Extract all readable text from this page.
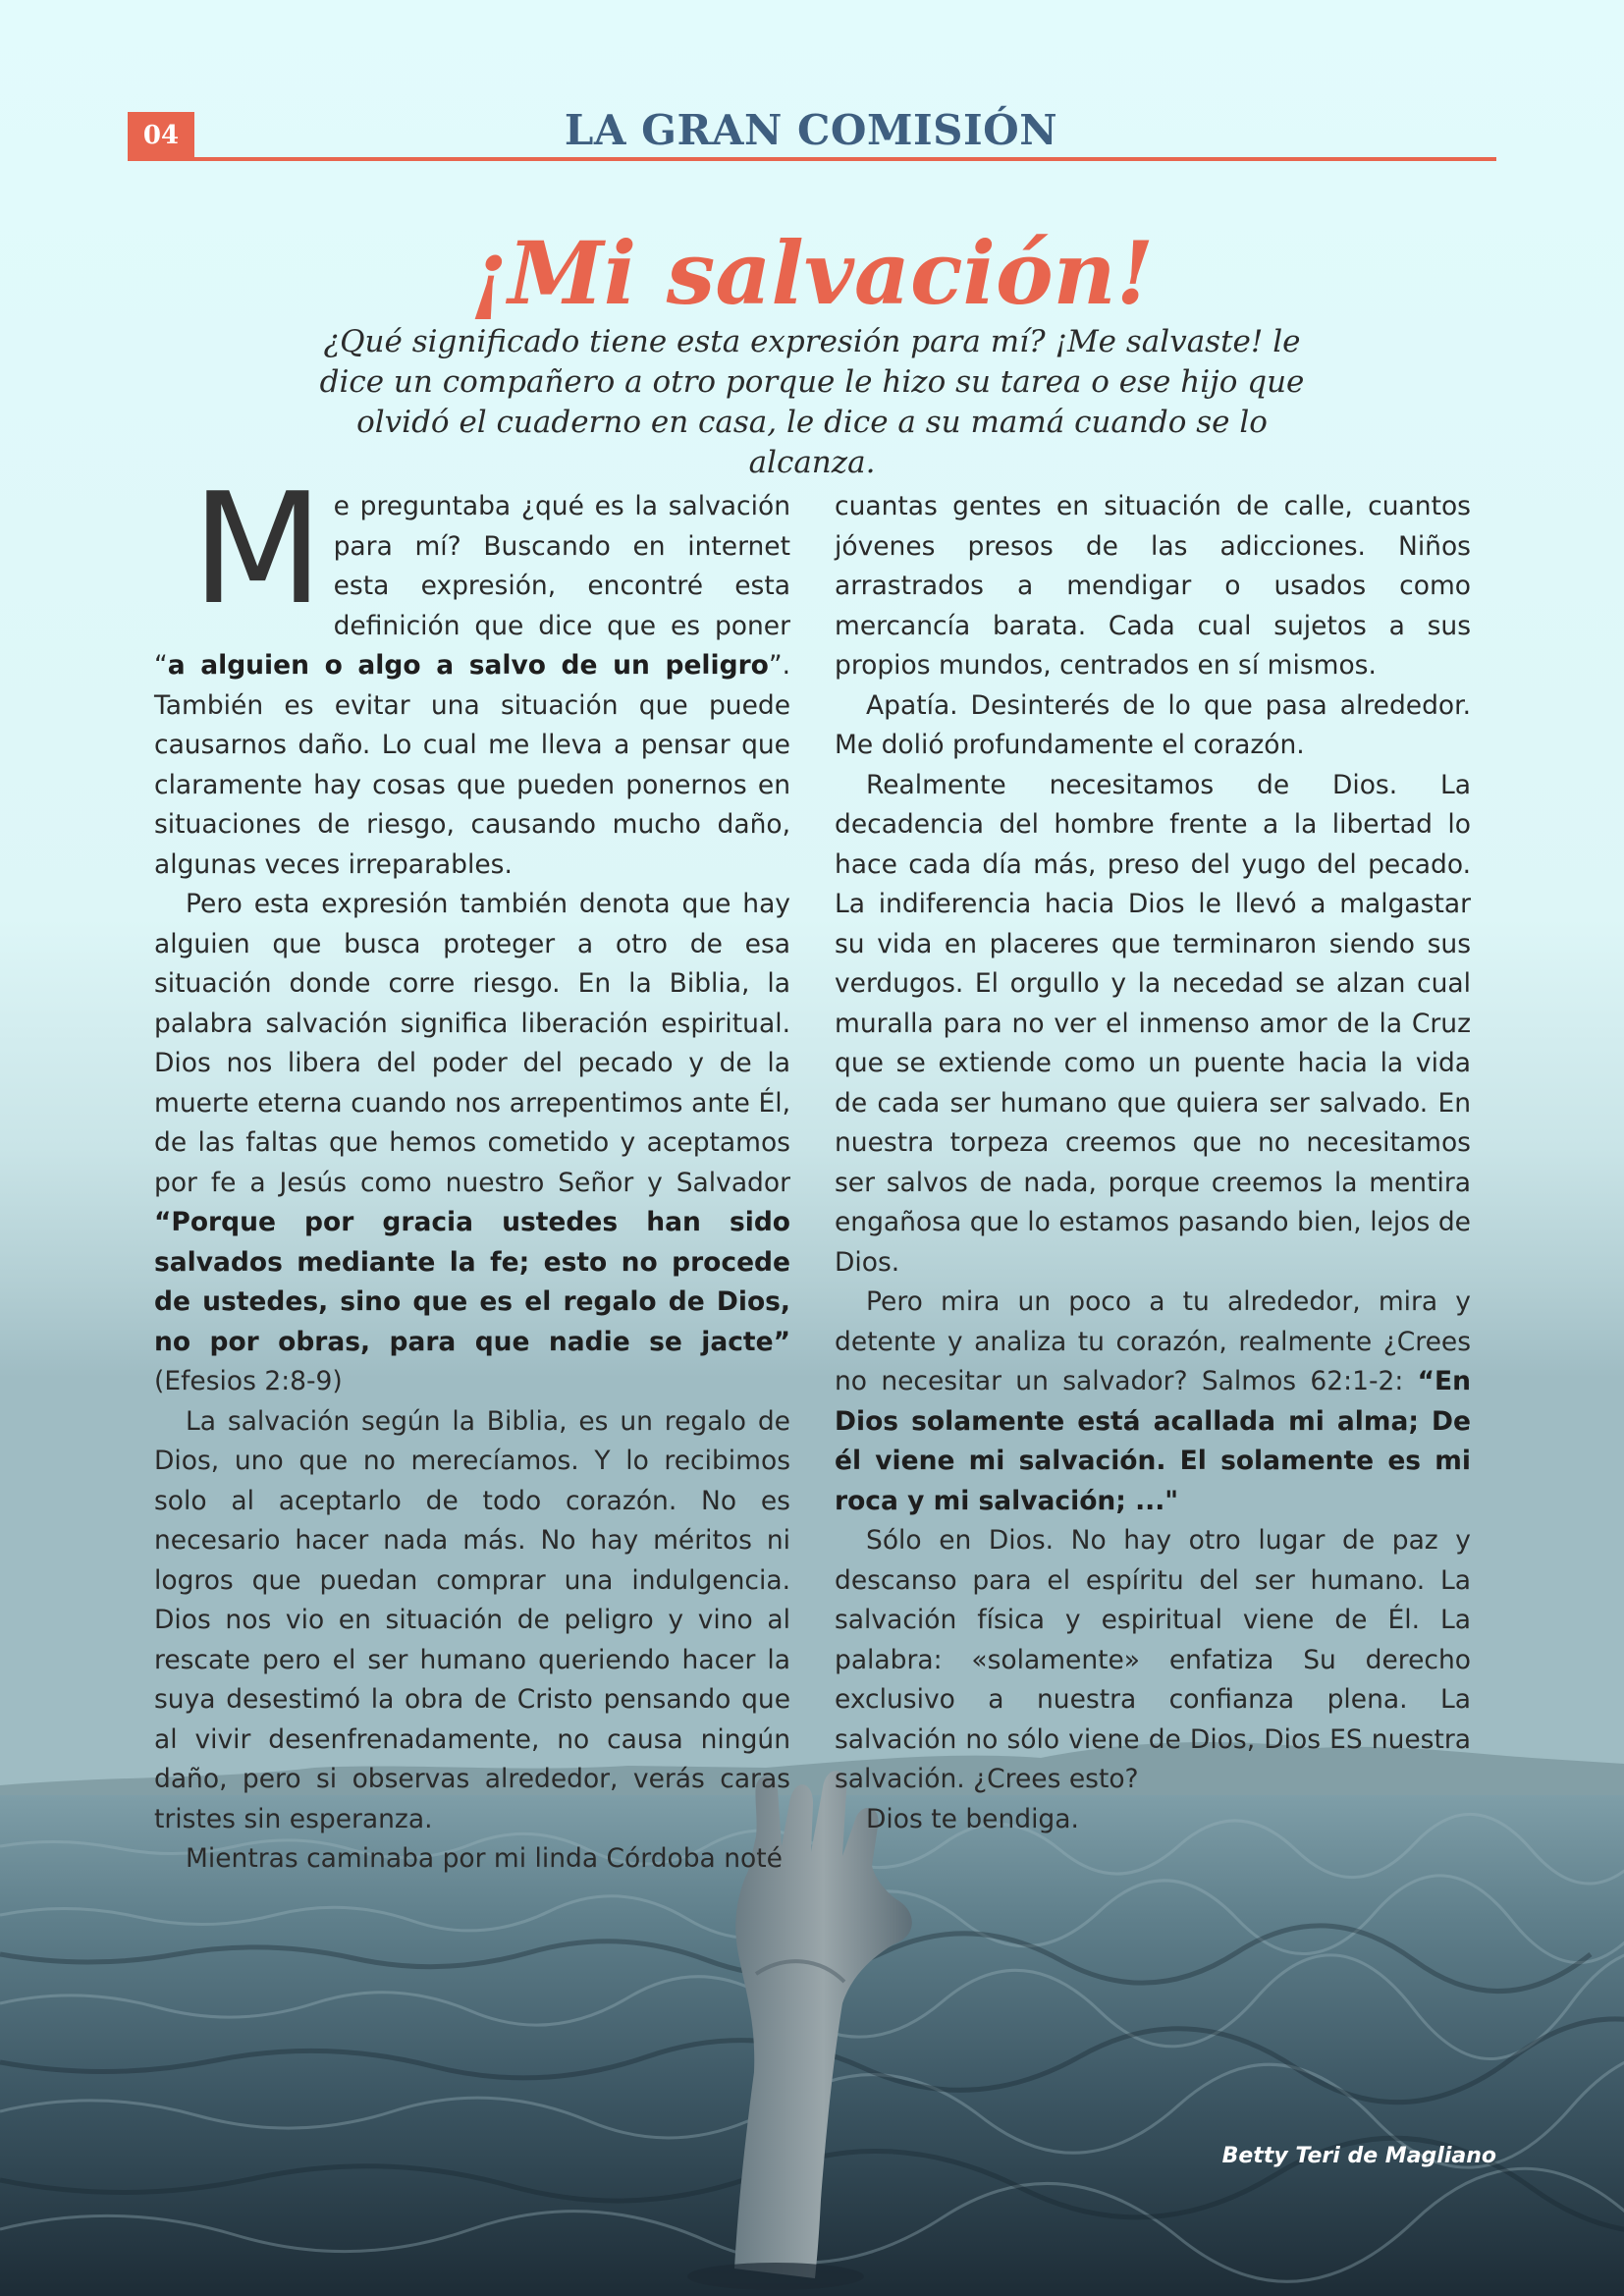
04	LA GRAN COMISIÓN
¡Mi salvación!

¿Qué significado tiene esta expresión para mí? ¡Me salvaste! le dice un compañero a otro porque le hizo su tarea o ese hijo que olvidó el cuaderno en casa, le dice a su mamá cuando se lo alcanza.

Me preguntaba ¿qué es la salvación para mí? Buscando en internet esta expresión, encontré esta definición que dice que es poner “a alguien o algo a salvo de un peligro”. También es evitar una situación que puede causarnos daño. Lo cual me lleva a pensar que claramente hay cosas que pueden ponernos en situaciones de riesgo, causando mucho daño, algunas veces irreparables.

Pero esta expresión también denota que hay alguien que busca proteger a otro de esa situación donde corre riesgo. En la Biblia, la palabra salvación significa liberación espiritual. Dios nos libera del poder del pecado y de la muerte eterna cuando nos arrepentimos ante Él, de las faltas que hemos cometido y aceptamos por fe a Jesús como nuestro Señor y Salvador “Porque por gracia ustedes han sido salvados mediante la fe; esto no procede de ustedes, sino que es el regalo de Dios, no por obras, para que nadie se jacte” (Efesios 2:8-9)

La salvación según la Biblia, es un regalo de Dios, uno que no merecíamos. Y lo recibimos solo al aceptarlo de todo corazón. No es necesario hacer nada más. No hay méritos ni logros que puedan comprar una indulgencia. Dios nos vio en situación de peligro y vino al rescate pero el ser humano queriendo hacer la suya desestimó la obra de Cristo pensando que al vivir desenfrenadamente, no causa ningún daño, pero si observas alrededor, verás caras tristes sin esperanza.

Mientras caminaba por mi linda Córdoba noté

cuantas gentes en situación de calle, cuantos jóvenes presos de las adicciones. Niños arrastrados a mendigar o usados como mercancía barata. Cada cual sujetos a sus propios mundos, centrados en sí mismos.

Apatía. Desinterés de lo que pasa alrededor. Me dolió profundamente el corazón.

Realmente necesitamos de Dios. La decadencia del hombre frente a la libertad lo hace cada día más, preso del yugo del pecado. La indiferencia hacia Dios le llevó a malgastar su vida en placeres que terminaron siendo sus verdugos. El orgullo y la necedad se alzan cual muralla para no ver el inmenso amor de la Cruz que se extiende como un puente hacia la vida de cada ser humano que quiera ser salvado. En nuestra torpeza creemos que no necesitamos ser salvos de nada, porque creemos la mentira engañosa que lo estamos pasando bien, lejos de Dios.

Pero mira un poco a tu alrededor, mira y detente y analiza tu corazón, realmente ¿Crees no necesitar un salvador? Salmos 62:1-2: “En Dios solamente está acallada mi alma; De él viene mi salvación. El solamente es mi roca y mi salvación; ..."

Sólo en Dios. No hay otro lugar de paz y descanso para el espíritu del ser humano. La salvación física y espiritual viene de Él. La palabra: «solamente» enfatiza Su derecho exclusivo a nuestra confianza plena. La salvación no sólo viene de Dios, Dios ES nuestra salvación. ¿Crees esto?

Dios te bendiga.

Betty Teri de Magliano
